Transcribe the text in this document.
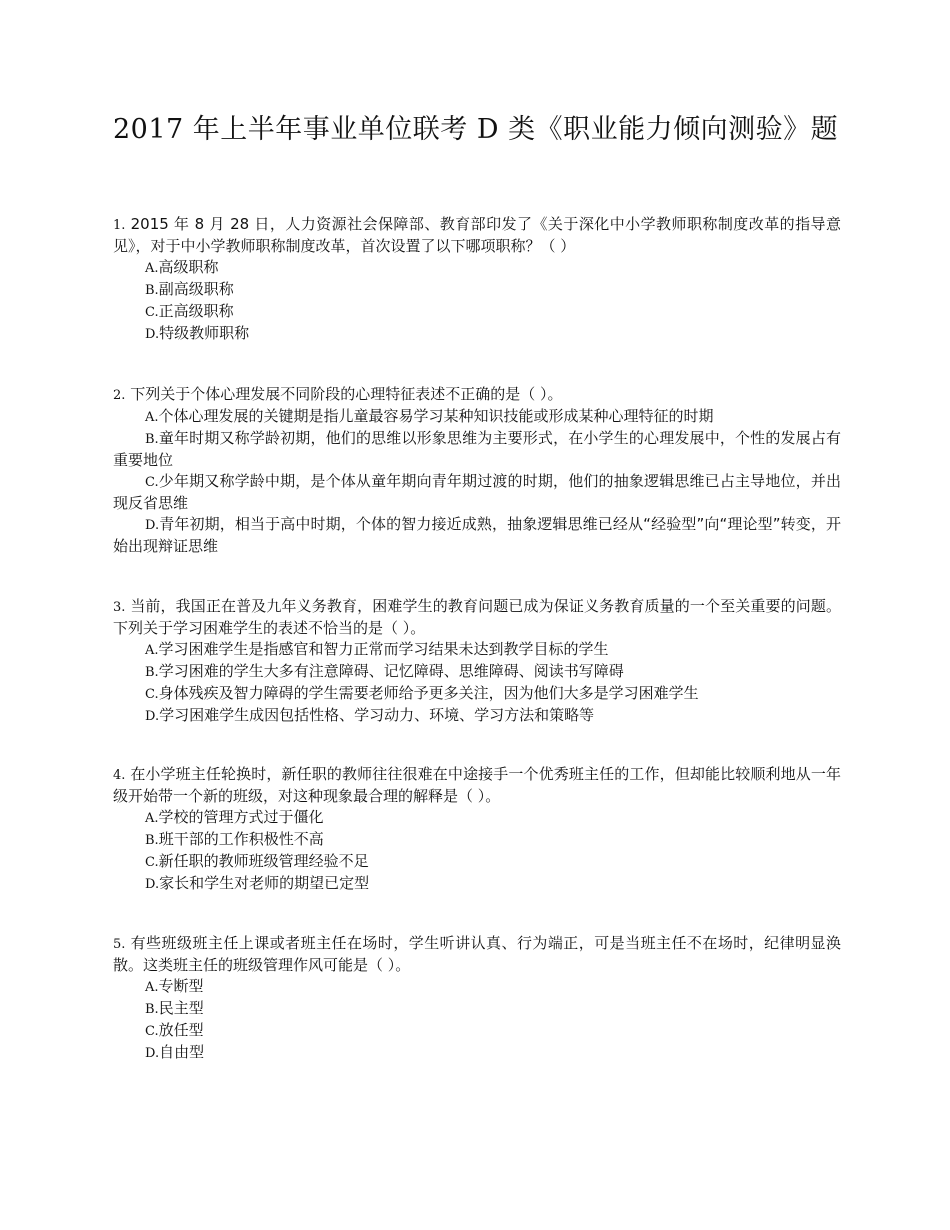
2017 年上半年事业单位联考 D 类《职业能力倾向测验》题
1. 2015 年 8 月 28 日，人力资源社会保障部、教育部印发了《关于深化中小学教师职称制度改革的指导意见》，对于中小学教师职称制度改革，首次设置了以下哪项职称？（ ）
A.高级职称
B.副高级职称
C.正高级职称
D.特级教师职称
2. 下列关于个体心理发展不同阶段的心理特征表述不正确的是（ ）。
A.个体心理发展的关键期是指儿童最容易学习某种知识技能或形成某种心理特征的时期
B.童年时期又称学龄初期，他们的思维以形象思维为主要形式，在小学生的心理发展中，个性的发展占有重要地位
C.少年期又称学龄中期，是个体从童年期向青年期过渡的时期，他们的抽象逻辑思维已占主导地位，并出现反省思维
D.青年初期，相当于高中时期，个体的智力接近成熟，抽象逻辑思维已经从“经验型”向“理论型”转变，开始出现辩证思维
3. 当前，我国正在普及九年义务教育，困难学生的教育问题已成为保证义务教育质量的一个至关重要的问题。下列关于学习困难学生的表述不恰当的是（ ）。
A.学习困难学生是指感官和智力正常而学习结果未达到教学目标的学生
B.学习困难的学生大多有注意障碍、记忆障碍、思维障碍、阅读书写障碍
C.身体残疾及智力障碍的学生需要老师给予更多关注，因为他们大多是学习困难学生
D.学习困难学生成因包括性格、学习动力、环境、学习方法和策略等
4. 在小学班主任轮换时，新任职的教师往往很难在中途接手一个优秀班主任的工作，但却能比较顺利地从一年级开始带一个新的班级，对这种现象最合理的解释是（ ）。
A.学校的管理方式过于僵化
B.班干部的工作积极性不高
C.新任职的教师班级管理经验不足
D.家长和学生对老师的期望已定型
5. 有些班级班主任上课或者班主任在场时，学生听讲认真、行为端正，可是当班主任不在场时，纪律明显涣散。这类班主任的班级管理作风可能是（ ）。
A.专断型
B.民主型
C.放任型
D.自由型
